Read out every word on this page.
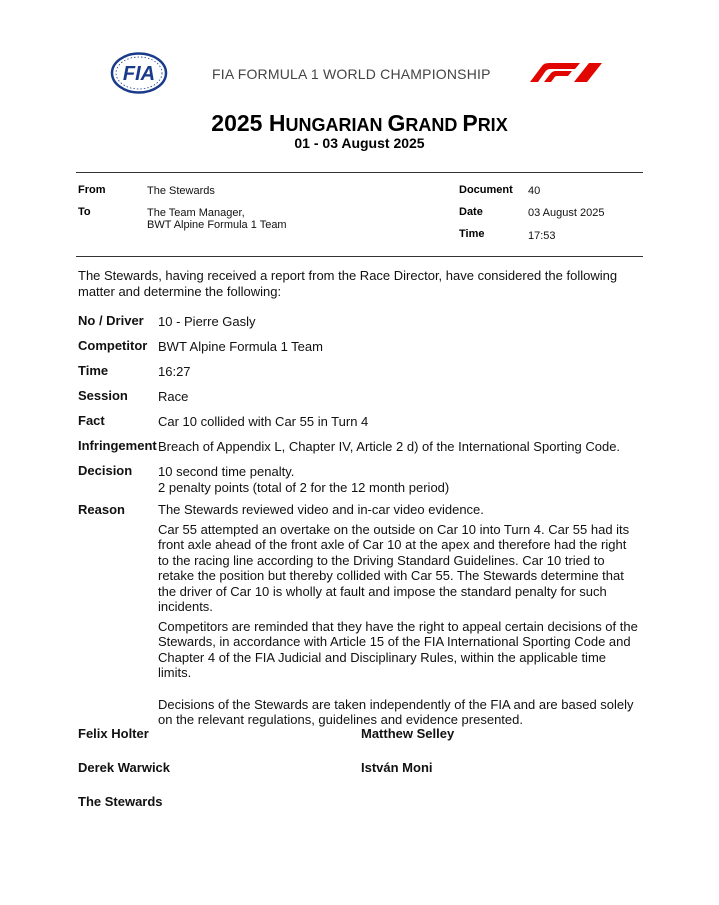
FIA	FIA FORMULA 1 WORLD CHAMPIONSHIP
2025 HUNGARIAN GRAND PRIX
01 - 03 August 2025
From	The Stewards
To	The Team Manager,
BWT Alpine Formula 1 Team
Document 40
Date	03 August 2025
Time	17:53
The Stewards, having received a report from the Race Director, have considered the following matter and determine the following:
No / Driver 10 - Pierre Gasly
Competitor BWT Alpine Formula 1 Team
Time	16:27
Session Race
Fact	Car 10 collided with Car 55 in Turn 4
Infringement Breach of Appendix L, Chapter IV, Article 2 d) of the International Sporting Code.
Decision 10 second time penalty.

2 penalty points (total of 2 for the 12 month period)

Reason	The Stewards reviewed video and in-car video evidence.

Car 55 attempted an overtake on the outside on Car 10 into Turn 4. Car 55 had its front axle ahead of the front axle of Car 10 at the apex and therefore had the right to the racing line according to the Driving Standard Guidelines. Car 10 tried to retake the position but thereby collided with Car 55. The Stewards determine that the driver of Car 10 is wholly at fault and impose the standard penalty for such incidents.

Competitors are reminded that they have the right to appeal certain decisions of the Stewards, in accordance with Article 15 of the FIA International Sporting Code and Chapter 4 of the FIA Judicial and Disciplinary Rules, within the applicable time limits.

Decisions of the Stewards are taken independently of the FIA and are based solely on the relevant regulations, guidelines and evidence presented.

Felix Holter	Matthew Selley
Derek Warwick	István Moni
The Stewards
